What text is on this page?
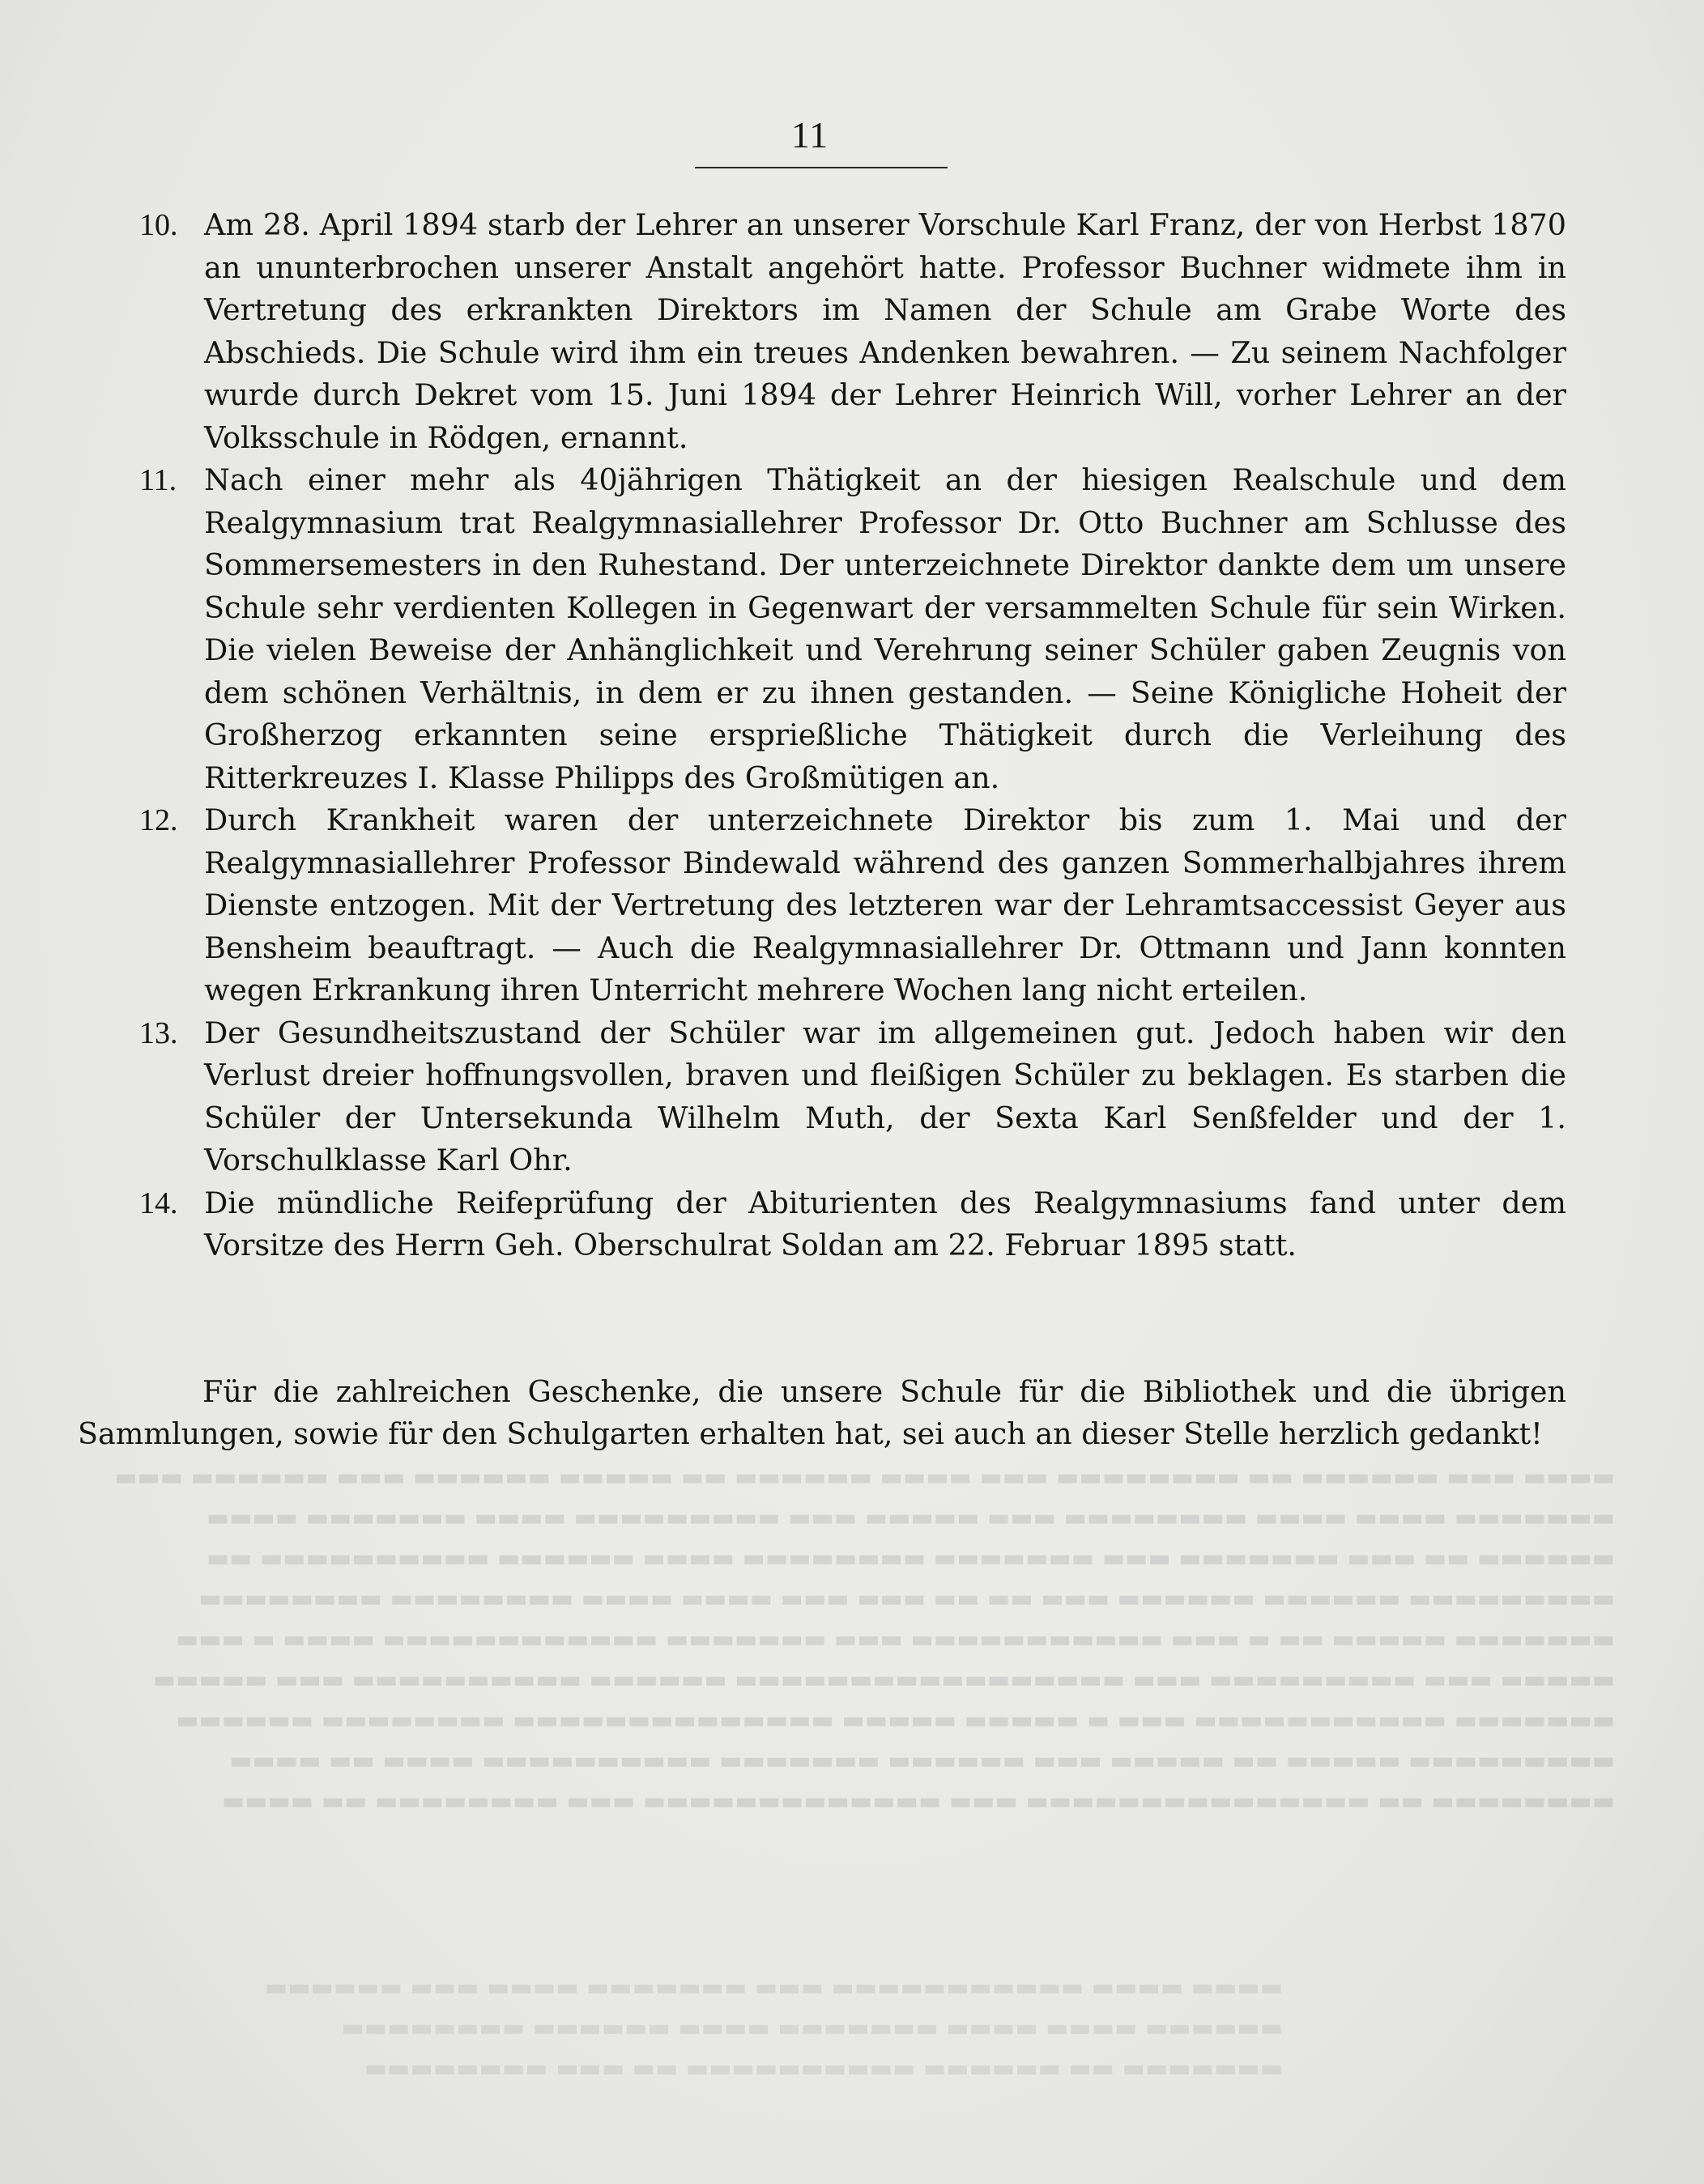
▬▬▬▬ ▬▬▬ ▬▬▬▬▬▬ ▬▬ ▬▬▬▬▬▬▬▬ ▬▬▬ ▬▬▬▬ ▬▬▬▬▬▬ ▬▬ ▬▬▬▬▬ ▬▬▬▬▬▬ ▬▬▬ ▬▬▬▬▬▬ ▬▬▬
▬▬▬▬▬▬▬ ▬▬▬▬ ▬▬▬▬ ▬▬▬▬▬▬▬▬ ▬▬▬ ▬▬▬▬▬ ▬▬▬ ▬▬▬▬▬▬▬▬▬ ▬▬▬▬ ▬▬▬▬▬▬▬ ▬▬▬▬
▬▬▬▬▬▬ ▬▬ ▬▬▬ ▬▬▬▬▬▬▬ ▬▬▬ ▬▬▬▬▬▬▬ ▬▬▬▬▬▬▬▬ ▬▬▬▬ ▬▬▬▬▬▬ ▬▬▬▬▬▬▬▬▬▬ ▬▬
▬▬▬▬▬▬▬▬▬ ▬▬▬▬▬▬ ▬▬▬▬▬▬ ▬▬▬ ▬▬ ▬▬ ▬▬▬ ▬▬▬ ▬▬▬▬ ▬▬▬▬ ▬▬▬▬▬▬▬▬ ▬▬▬▬▬▬▬▬
▬▬▬▬▬▬▬ ▬▬▬▬▬ ▬▬ ▬ ▬▬▬ ▬▬▬▬▬▬▬▬▬▬▬ ▬▬▬ ▬▬▬▬▬▬▬ ▬▬▬▬▬▬▬▬▬▬▬▬ ▬▬▬▬ ▬ ▬▬▬
▬▬▬▬▬ ▬▬▬ ▬▬▬▬▬▬▬▬▬ ▬▬▬ ▬▬▬▬▬▬▬▬▬▬▬▬▬▬▬▬▬ ▬▬▬▬▬▬ ▬▬▬▬▬▬▬▬▬▬ ▬▬▬ ▬▬▬▬▬
▬▬▬▬▬▬▬ ▬▬▬▬▬▬▬▬▬▬▬ ▬▬▬ ▬ ▬▬▬▬▬ ▬▬▬▬▬ ▬▬▬▬▬▬▬▬▬▬▬▬▬▬ ▬▬▬▬▬▬▬▬ ▬▬▬▬▬▬
▬▬▬▬▬▬▬▬▬ ▬▬▬▬▬ ▬▬ ▬▬▬▬▬ ▬▬▬ ▬▬▬▬▬▬ ▬▬▬▬▬▬▬ ▬▬▬▬▬▬▬▬▬▬ ▬▬▬▬ ▬▬ ▬▬▬▬
▬▬▬▬▬▬▬▬ ▬▬ ▬▬▬▬▬▬▬▬▬▬▬▬▬▬▬ ▬▬▬ ▬▬▬▬▬▬▬▬▬▬▬▬▬ ▬▬▬ ▬▬▬▬▬▬▬▬ ▬▬ ▬▬▬▬
▬▬▬▬ ▬▬▬▬ ▬▬▬▬▬▬▬▬▬▬▬ ▬▬▬ ▬▬▬▬▬▬▬ ▬▬▬▬ ▬▬▬ ▬▬▬▬▬▬
▬▬▬▬▬▬ ▬▬▬▬ ▬▬▬▬ ▬▬▬▬▬▬▬ ▬▬▬▬ ▬▬▬▬▬▬ ▬▬▬▬▬▬▬▬
▬▬▬▬▬▬▬ ▬▬ ▬▬▬▬▬▬ ▬▬▬▬▬▬▬▬▬▬ ▬▬ ▬▬▬ ▬▬▬▬▬▬▬▬
11
10. Am 28. April 1894 starb der Lehrer an unserer Vorschule Karl Franz, der von Herbst 1870 an ununterbrochen unserer Anstalt angehört hatte. Professor Buchner widmete ihm in Vertretung des erkrankten Direktors im Namen der Schule am Grabe Worte des Abschieds. Die Schule wird ihm ein treues Andenken bewahren. — Zu seinem Nachfolger wurde durch Dekret vom 15. Juni 1894 der Lehrer Heinrich Will, vorher Lehrer an der Volksschule in Rödgen, ernannt.
11. Nach einer mehr als 40jährigen Thätigkeit an der hiesigen Realschule und dem Realgymnasium trat Realgymnasiallehrer Professor Dr. Otto Buchner am Schlusse des Sommersemesters in den Ruhestand. Der unterzeichnete Direktor dankte dem um unsere Schule sehr verdienten Kollegen in Gegenwart der versammelten Schule für sein Wirken. Die vielen Beweise der Anhänglichkeit und Verehrung seiner Schüler gaben Zeugnis von dem schönen Verhältnis, in dem er zu ihnen gestanden. — Seine Königliche Hoheit der Großherzog erkannten seine ersprießliche Thätigkeit durch die Verleihung des Ritterkreuzes I. Klasse Philipps des Großmütigen an.
12. Durch Krankheit waren der unterzeichnete Direktor bis zum 1. Mai und der Realgymnasiallehrer Professor Bindewald während des ganzen Sommerhalbjahres ihrem Dienste entzogen. Mit der Vertretung des letzteren war der Lehramtsaccessist Geyer aus Bensheim beauftragt. — Auch die Realgymnasiallehrer Dr. Ottmann und Jann konnten wegen Erkrankung ihren Unterricht mehrere Wochen lang nicht erteilen.
13. Der Gesundheitszustand der Schüler war im allgemeinen gut. Jedoch haben wir den Verlust dreier hoffnungsvollen, braven und fleißigen Schüler zu beklagen. Es starben die Schüler der Untersekunda Wilhelm Muth, der Sexta Karl Senßfelder und der 1. Vorschulklasse Karl Ohr.
14. Die mündliche Reifeprüfung der Abiturienten des Realgymnasiums fand unter dem Vorsitze des Herrn Geh. Oberschulrat Soldan am 22. Februar 1895 statt.

Für die zahlreichen Geschenke, die unsere Schule für die Bibliothek und die übrigen Sammlungen, sowie für den Schulgarten erhalten hat, sei auch an dieser Stelle herzlich gedankt!
